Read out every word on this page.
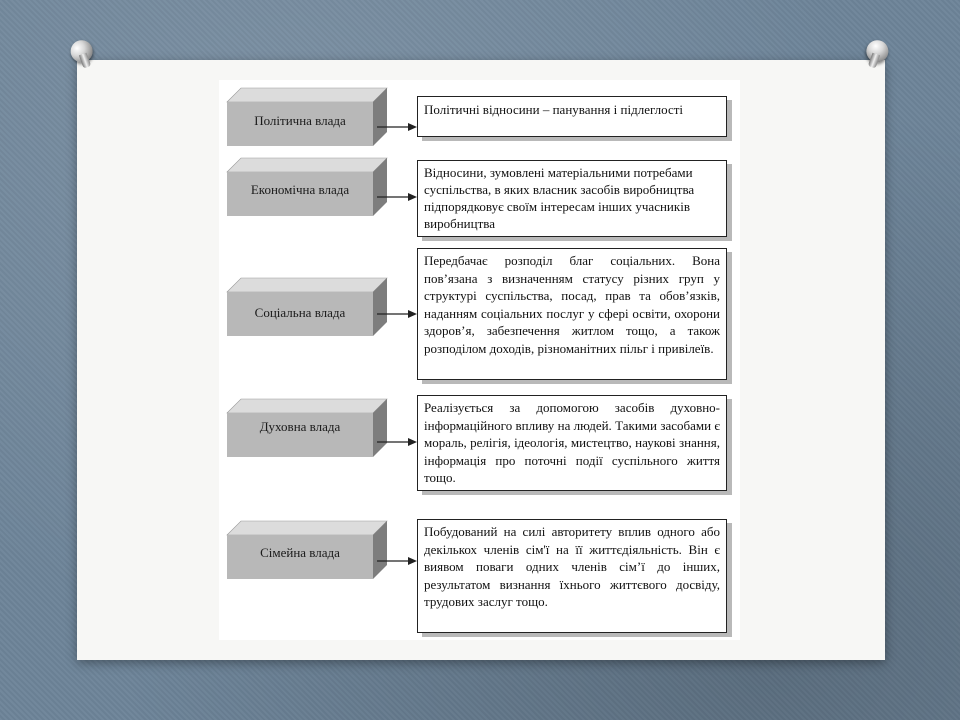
Політична влада
Політичні відносини – панування і підлеглості
Економічна влада
Відносини, зумовлені матеріальними потребами суспільства, в яких власник засобів виробництва підпорядковує своїм інтересам інших учасників виробництва
Соціальна влада
Передбачає розподіл благ соціальних. Вона пов’язана з визначенням статусу різних груп у структурі суспільства, посад, прав та обов’язків, наданням соціальних послуг у сфері освіти, охорони здоров’я, забезпечення житлом тощо, а також розподілом доходів, різноманітних пільг і привілеїв.
Духовна влада
Реалізується за допомогою засобів духовно-інформаційного впливу на людей. Такими засобами є мораль, релігія, ідеологія, мистецтво, наукові знання, інформація про поточні події суспільного життя тощо.
Сімейна влада
Побудований на силі авторитету вплив одного або декількох членів сім'ї на її життєдіяльність. Він є виявом поваги одних членів сім’ї до інших, результатом визнання їхнього життєвого досвіду, трудових заслуг тощо.
